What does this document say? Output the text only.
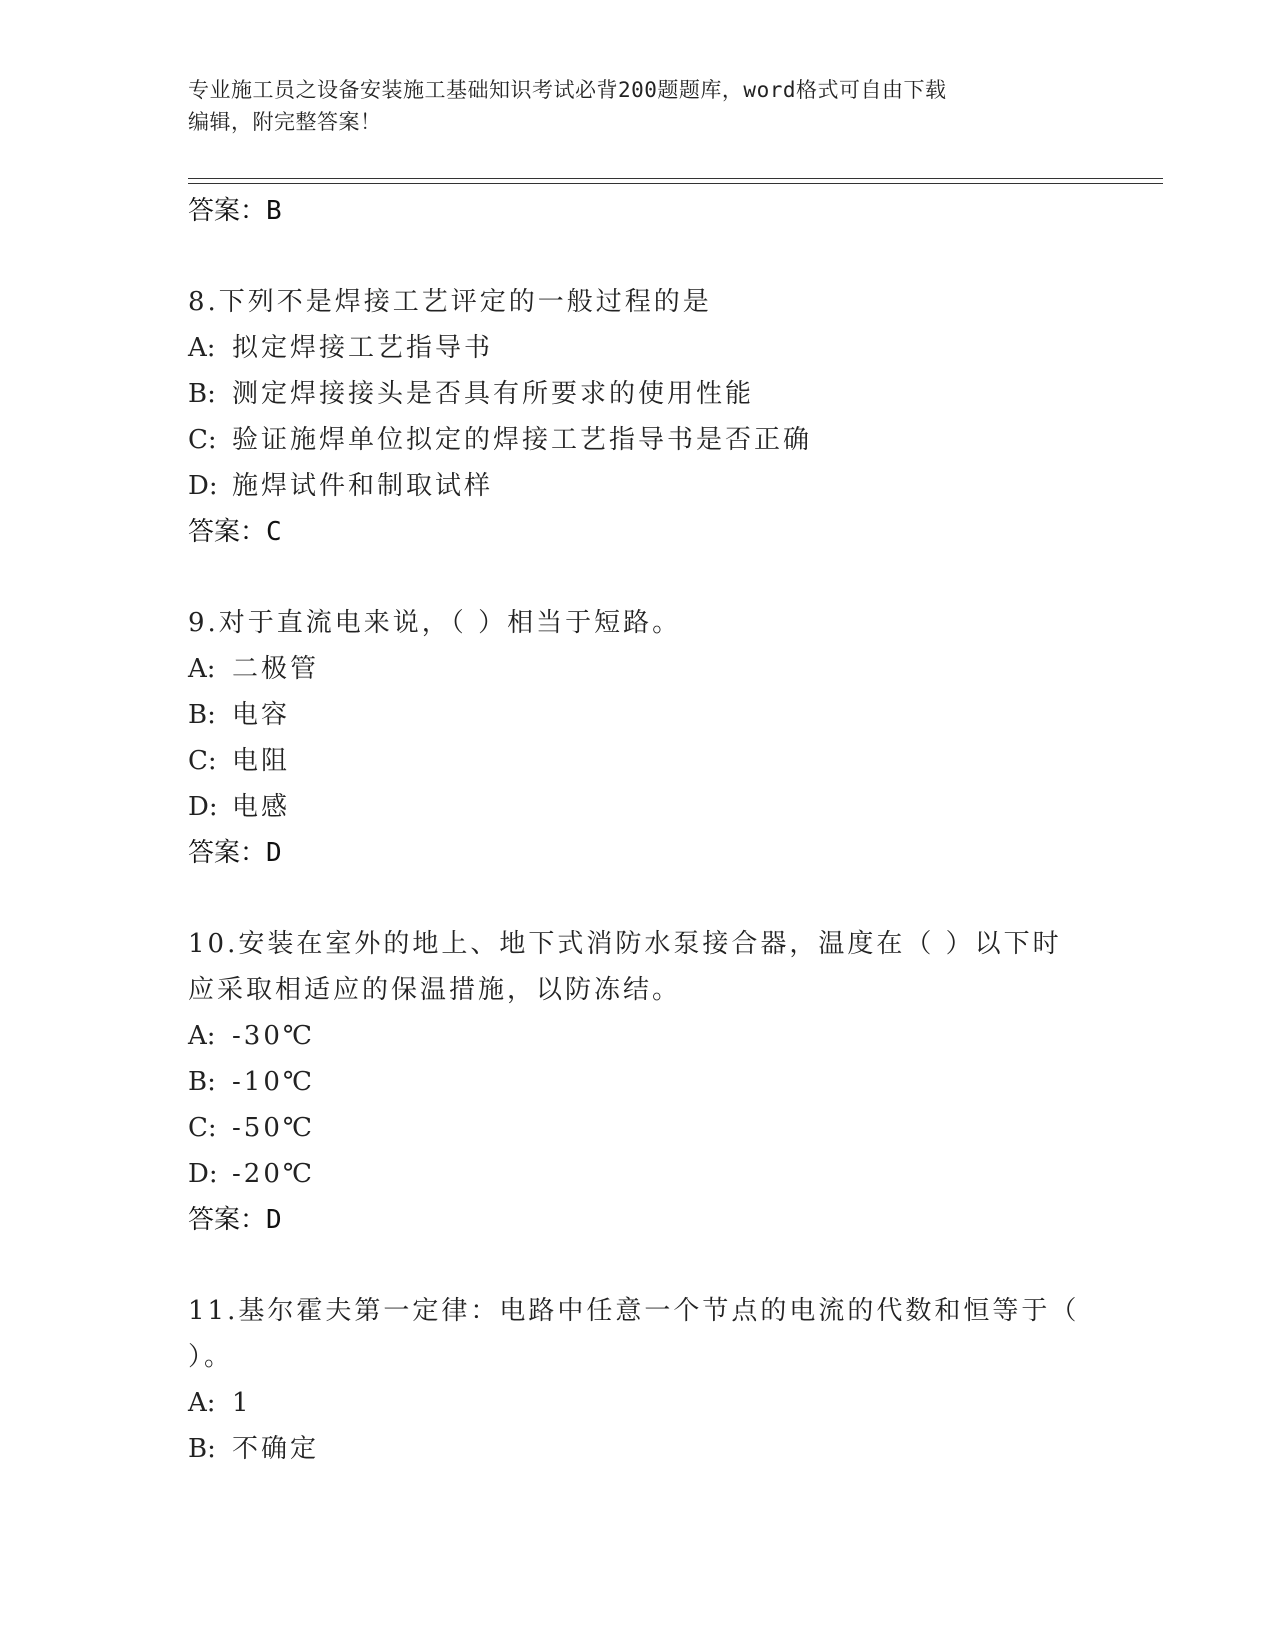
专业施工员之设备安装施工基础知识考试必背200题题库，word格式可自由下载
编辑，附完整答案！
答案：B
8.下列不是焊接工艺评定的一般过程的是
A: 拟定焊接工艺指导书
B: 测定焊接接头是否具有所要求的使用性能
C: 验证施焊单位拟定的焊接工艺指导书是否正确
D: 施焊试件和制取试样
答案：C
9.对于直流电来说，（ ）相当于短路。
A: 二极管
B: 电容
C: 电阻
D: 电感
答案：D
10.安装在室外的地上、地下式消防水泵接合器，温度在（ ）以下时应采取相适应的保温措施，以防冻结。
A: -30℃
B: -10℃
C: -50℃
D: -20℃
答案：D
11.基尔霍夫第一定律：电路中任意一个节点的电流的代数和恒等于（ ）。
A: 1
B: 不确定
